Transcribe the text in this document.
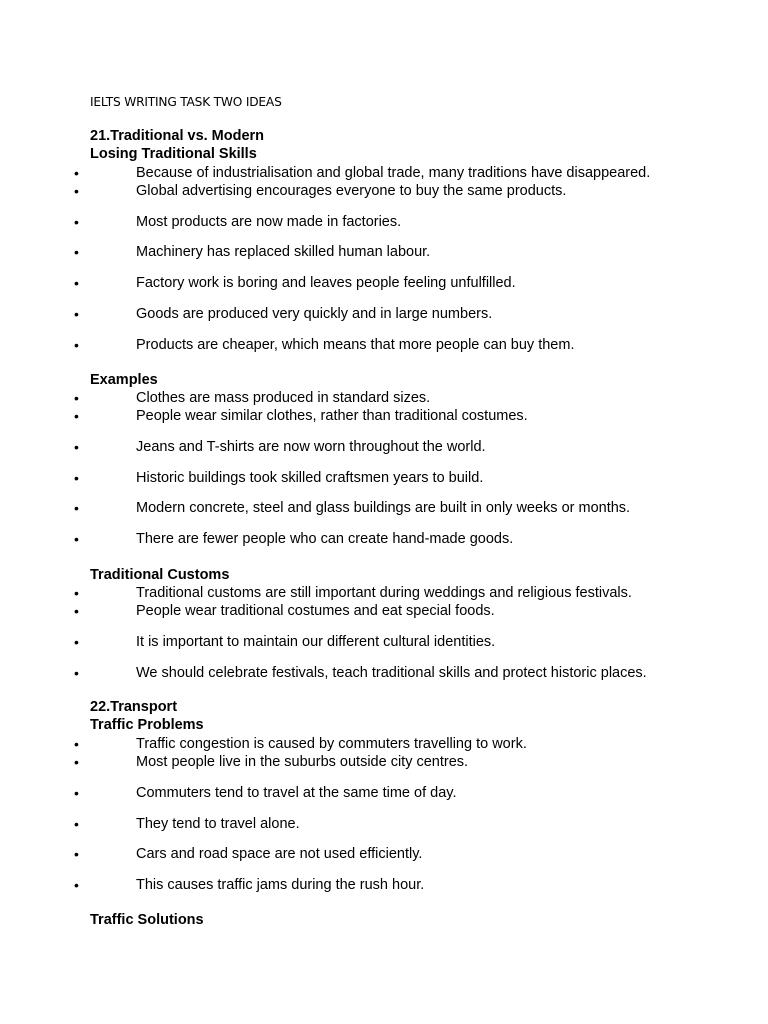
IELTS WRITING TASK TWO IDEAS
21.Traditional vs. Modern
Losing Traditional Skills
•	Because of industrialisation and global trade, many traditions have disappeared.
•	Global advertising encourages everyone to buy the same products.
•	Most products are now made in factories.
•	Machinery has replaced skilled human labour.
•	Factory work is boring and leaves people feeling unfulfilled.
•	Goods are produced very quickly and in large numbers.
•	Products are cheaper, which means that more people can buy them.
Examples
•	Clothes are mass produced in standard sizes.
•	People wear similar clothes, rather than traditional costumes.
•	Jeans and T-shirts are now worn throughout the world.
•	Historic buildings took skilled craftsmen years to build.
•	Modern concrete, steel and glass buildings are built in only weeks or months.
•	There are fewer people who can create hand-made goods.
Traditional Customs
•	Traditional customs are still important during weddings and religious festivals.
•	People wear traditional costumes and eat special foods.
•	It is important to maintain our different cultural identities.
•	We should celebrate festivals, teach traditional skills and protect historic places.
22.Transport
Traffic Problems
•	Traffic congestion is caused by commuters travelling to work.
•	Most people live in the suburbs outside city centres.
•	Commuters tend to travel at the same time of day.
•	They tend to travel alone.
•	Cars and road space are not used efficiently.
•	This causes traffic jams during the rush hour.
Traffic Solutions
